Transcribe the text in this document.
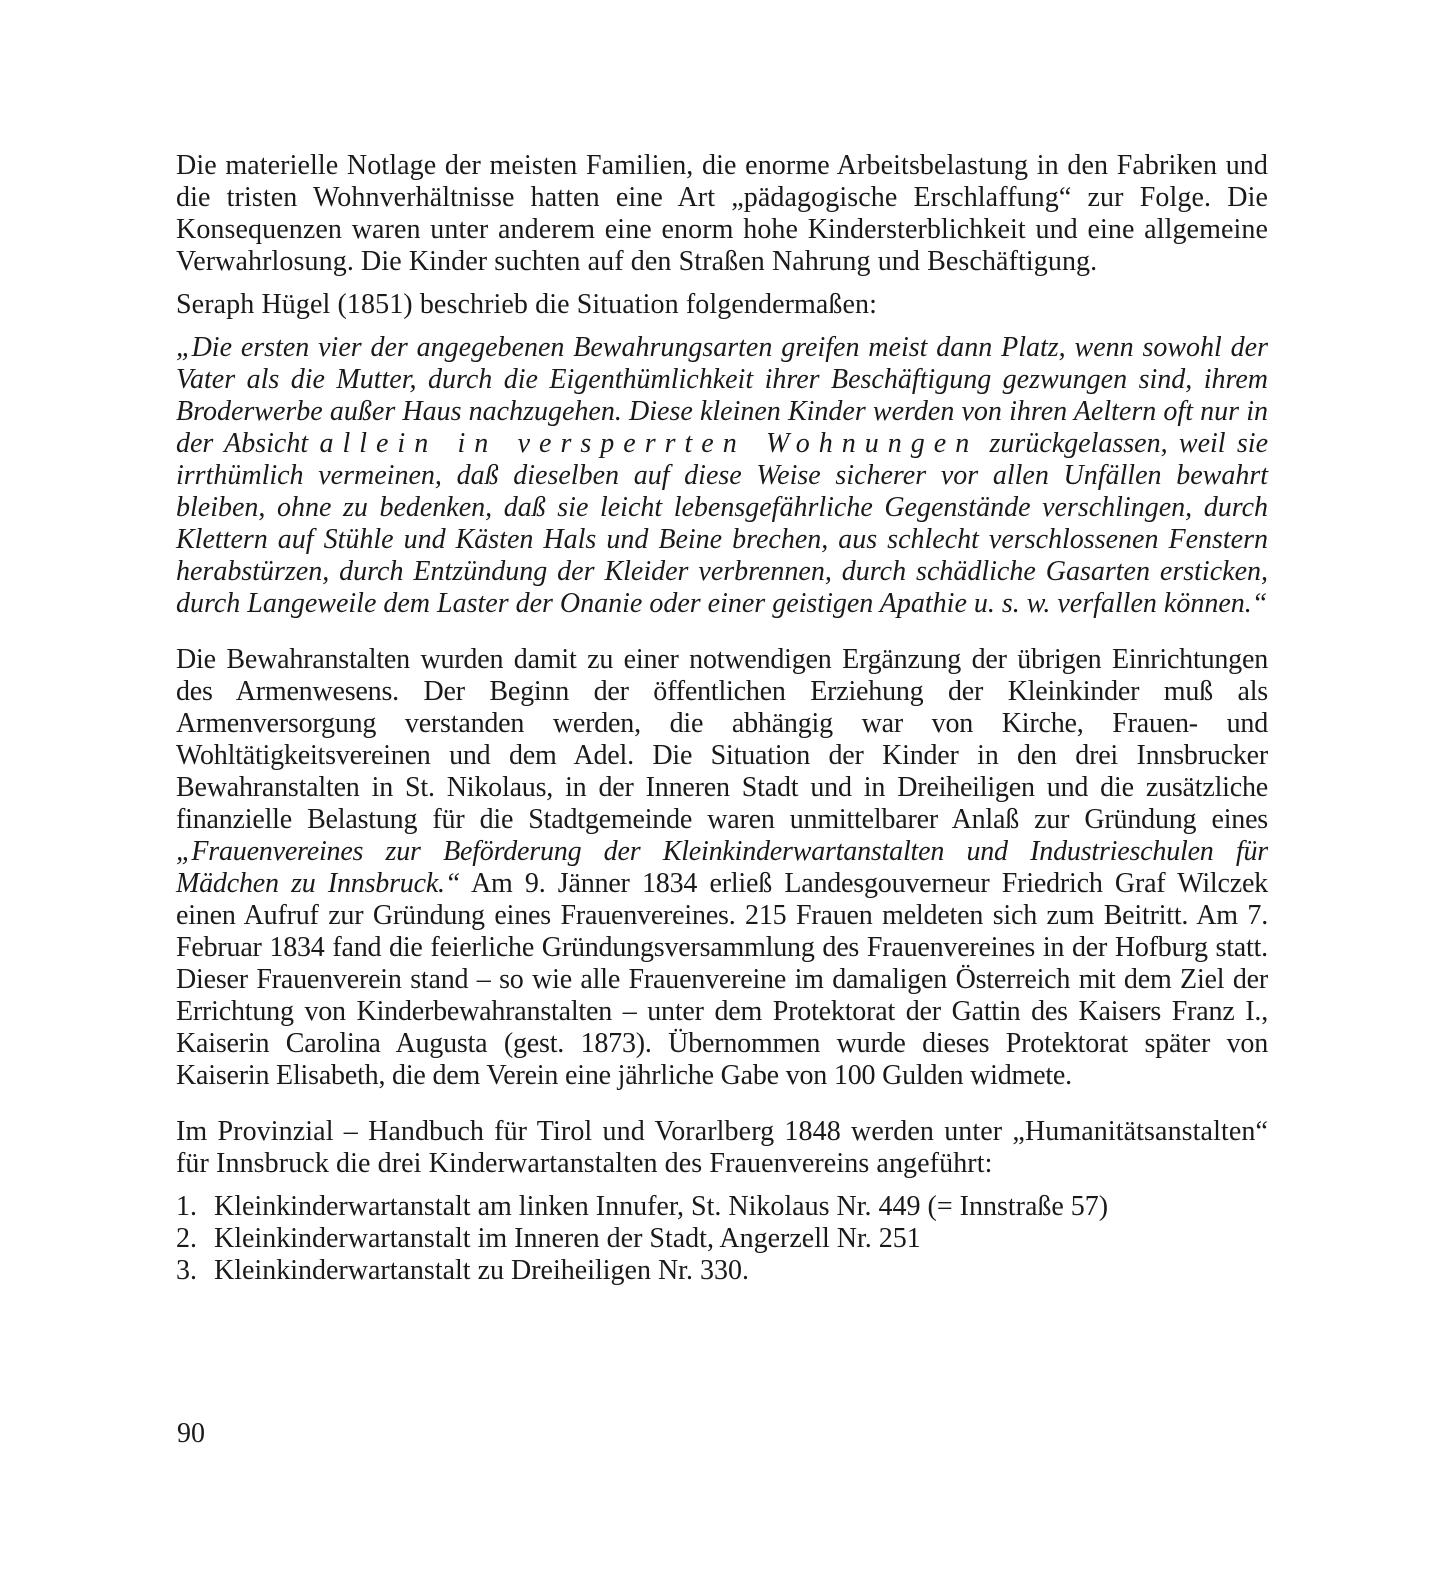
Die materielle Notlage der meisten Familien, die enorme Arbeitsbelastung in den Fabriken und die tristen Wohnverhältnisse hatten eine Art „pädagogische Erschlaffung“ zur Folge. Die Konsequenzen waren unter anderem eine enorm hohe Kindersterblichkeit und eine allgemeine Verwahrlosung. Die Kinder suchten auf den Straßen Nahrung und Beschäftigung.

Seraph Hügel (1851) beschrieb die Situation folgendermaßen:

„Die ersten vier der angegebenen Bewahrungsarten greifen meist dann Platz, wenn sowohl der Vater als die Mutter, durch die Eigenthümlichkeit ihrer Beschäftigung gezwungen sind, ihrem Broderwerbe außer Haus nachzugehen. Diese kleinen Kinder werden von ihren Aeltern oft nur in der Absicht allein in versperrten Wohnungen zurückgelassen, weil sie irrthümlich vermeinen, daß dieselben auf diese Weise sicherer vor allen Unfällen bewahrt bleiben, ohne zu bedenken, daß sie leicht lebensgefährliche Gegenstände verschlingen, durch Klettern auf Stühle und Kästen Hals und Beine brechen, aus schlecht verschlossenen Fenstern herabstürzen, durch Entzündung der Kleider verbrennen, durch schädliche Gasarten ersticken, durch Langeweile dem Laster der Onanie oder einer geistigen Apathie u. s. w. verfallen können.“

Die Bewahranstalten wurden damit zu einer notwendigen Ergänzung der übrigen Einrichtungen des Armenwesens. Der Beginn der öffentlichen Erziehung der Kleinkinder muß als Armenversorgung verstanden werden, die abhängig war von Kirche, Frauen- und Wohltätigkeitsvereinen und dem Adel. Die Situation der Kinder in den drei Innsbrucker Bewahranstalten in St. Nikolaus, in der Inneren Stadt und in Dreiheiligen und die zusätzliche finanzielle Belastung für die Stadtgemeinde waren unmittelbarer Anlaß zur Gründung eines „Frauenvereines zur Beförderung der Kleinkinderwartanstalten und Industrieschulen für Mädchen zu Innsbruck.“ Am 9. Jänner 1834 erließ Landesgouverneur Friedrich Graf Wilczek einen Aufruf zur Gründung eines Frauenvereines. 215 Frauen meldeten sich zum Beitritt. Am 7. Februar 1834 fand die feierliche Gründungsversammlung des Frauenvereines in der Hofburg statt. Dieser Frauenverein stand – so wie alle Frauenvereine im damaligen Österreich mit dem Ziel der Errichtung von Kinderbewahranstalten – unter dem Protektorat der Gattin des Kaisers Franz I., Kaiserin Carolina Augusta (gest. 1873). Übernommen wurde dieses Protektorat später von Kaiserin Elisabeth, die dem Verein eine jährliche Gabe von 100 Gulden widmete.

Im Provinzial – Handbuch für Tirol und Vorarlberg 1848 werden unter „Humanitätsanstalten“ für Innsbruck die drei Kinderwartanstalten des Frauenvereins angeführt:

1. Kleinkinderwartanstalt am linken Innufer, St. Nikolaus Nr. 449 (= Innstraße 57)
2. Kleinkinderwartanstalt im Inneren der Stadt, Angerzell Nr. 251
3. Kleinkinderwartanstalt zu Dreiheiligen Nr. 330.
90
